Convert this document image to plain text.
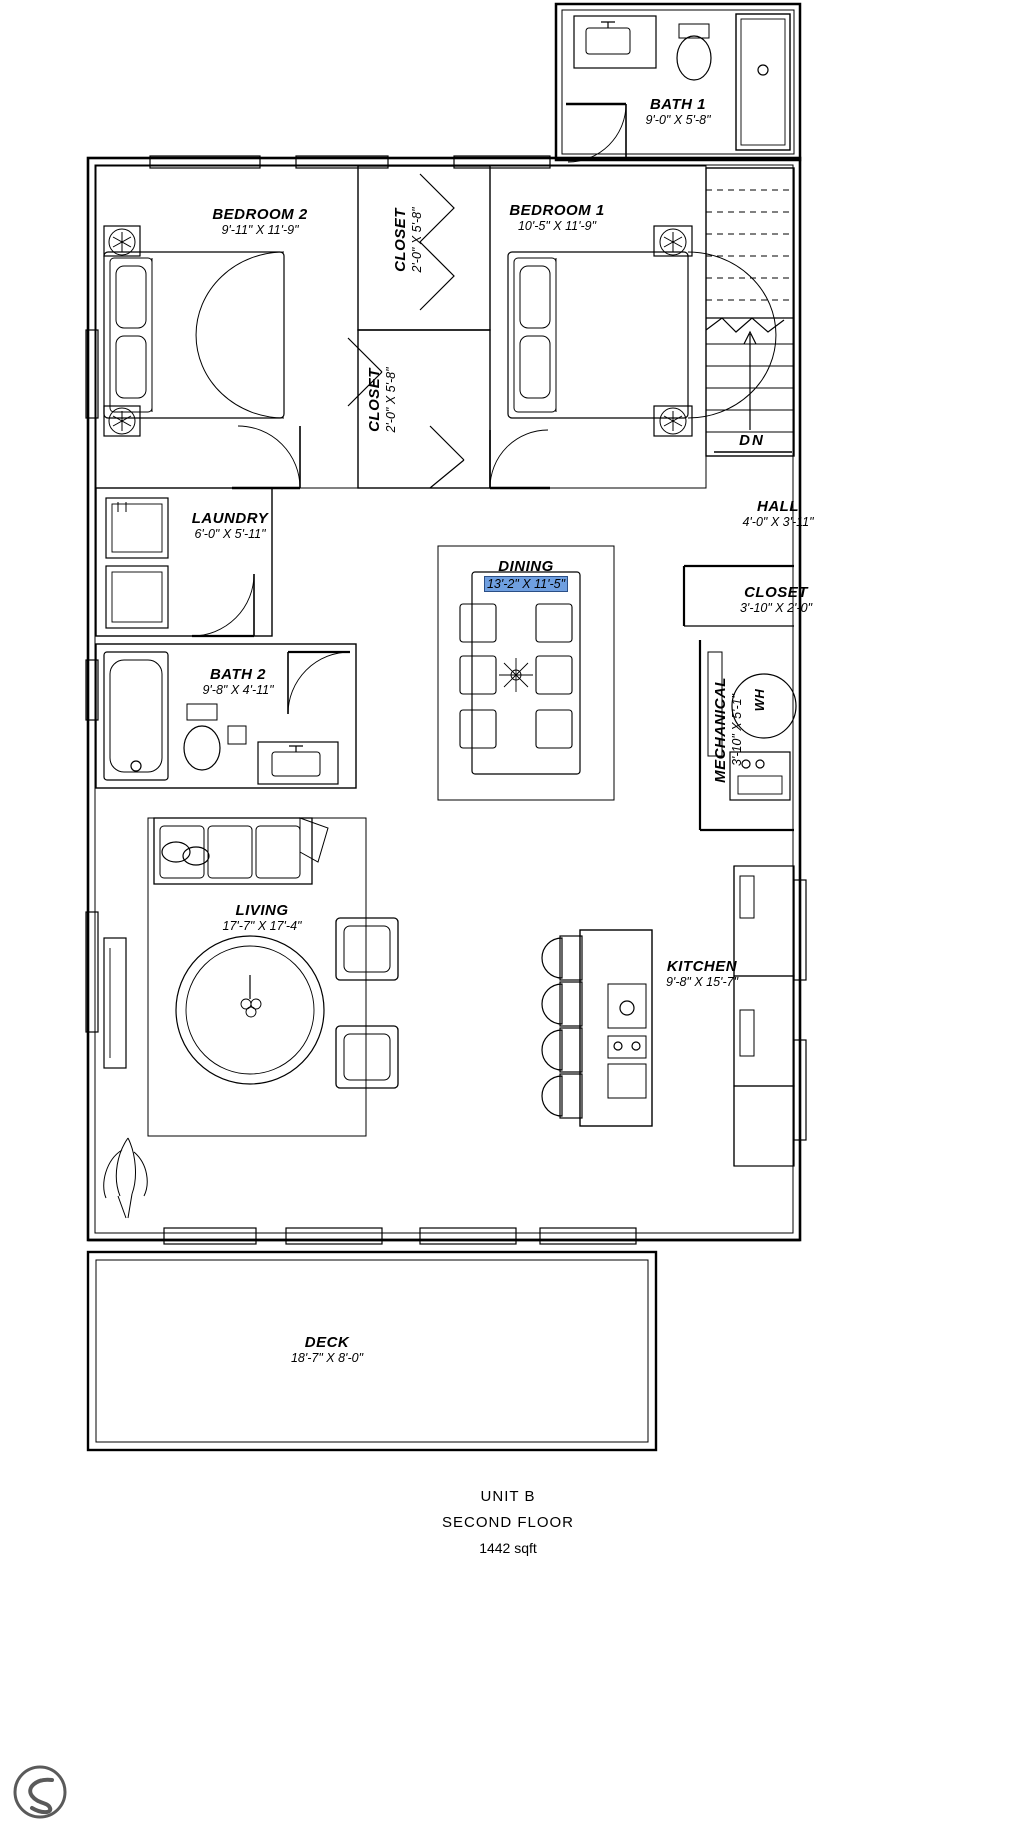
BATH 1
9'-0" X 5'-8"
BEDROOM 2
9'-11" X 11'-9"
BEDROOM 1
10'-5" X 11'-9"
CLOSET 2'-0" X 5'-8"
CLOSET 2'-0" X 5'-8"
LAUNDRY
6'-0" X 5'-11"
BATH 2
9'-8" X 4'-11"
HALL
4'-0" X 3'-11"
CLOSET
3'-10" X 2'-0"
DINING
13'-2" X 11'-5"
MECHANICAL 3'-10" X 5'-1"
LIVING
17'-7" X 17'-4"
KITCHEN
9'-8" X 15'-7"
DECK
18'-7" X 8'-0"
DN
WH
UNIT B
SECOND FLOOR
1442 sqft
